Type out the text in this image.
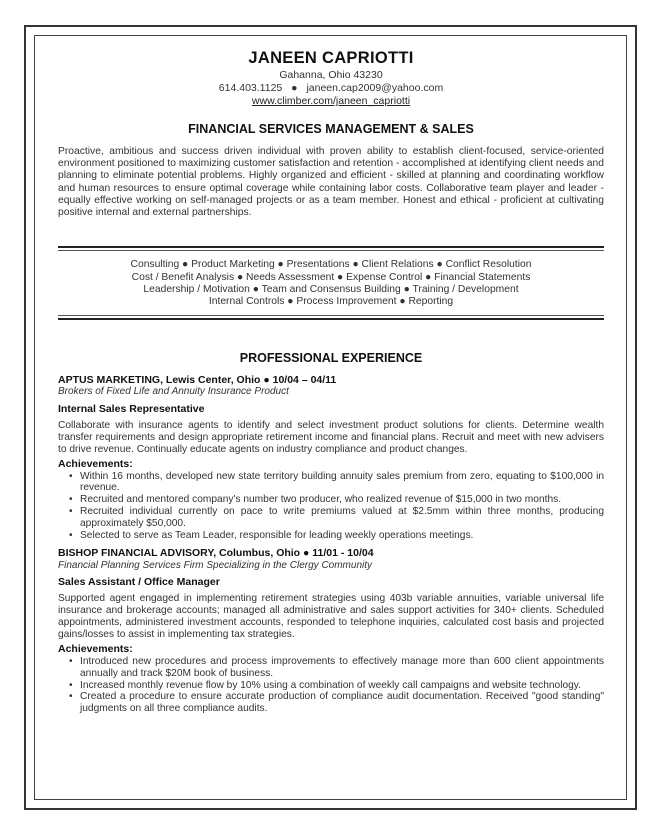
JANEEN CAPRIOTTI
Gahanna, Ohio 43230
614.403.1125 ● janeen.cap2009@yahoo.com
www.climber.com/janeen_capriotti
FINANCIAL SERVICES MANAGEMENT & SALES
Proactive, ambitious and success driven individual with proven ability to establish client-focused, service-oriented environment positioned to maximizing customer satisfaction and retention - accomplished at identifying client needs and planning to eliminate potential problems. Highly organized and efficient - skilled at planning and coordinating workflow and human resources to ensure optimal coverage while containing labor costs. Collaborative team player and leader - equally effective working on self-managed projects or as a team member. Honest and ethical - proficient at cultivating positive internal and external partnerships.
Consulting ● Product Marketing ● Presentations ● Client Relations ● Conflict Resolution
Cost / Benefit Analysis ● Needs Assessment ● Expense Control ● Financial Statements
Leadership / Motivation ● Team and Consensus Building ● Training / Development
Internal Controls ● Process Improvement ● Reporting
PROFESSIONAL EXPERIENCE
APTUS MARKETING, Lewis Center, Ohio ● 10/04 – 04/11
Brokers of Fixed Life and Annuity Insurance Product
Internal Sales Representative
Collaborate with insurance agents to identify and select investment product solutions for clients. Determine wealth transfer requirements and design appropriate retirement income and financial plans. Recruit and meet with new advisers to drive revenue. Continually educate agents on industry compliance and product changes.
Achievements:
• Within 16 months, developed new state territory building annuity sales premium from zero, equating to $100,000 in revenue.
• Recruited and mentored company's number two producer, who realized revenue of $15,000 in two months.
• Recruited individual currently on pace to write premiums valued at $2.5mm within three months, producing approximately $50,000.
• Selected to serve as Team Leader, responsible for leading weekly operations meetings.
BISHOP FINANCIAL ADVISORY, Columbus, Ohio ● 11/01 - 10/04
Financial Planning Services Firm Specializing in the Clergy Community
Sales Assistant / Office Manager
Supported agent engaged in implementing retirement strategies using 403b variable annuities, variable universal life insurance and brokerage accounts; managed all administrative and sales support activities for 340+ clients. Scheduled appointments, administered investment accounts, responded to telephone inquiries, calculated cost basis and projected gains/losses to assist in implementing tax strategies.
Achievements:
• Introduced new procedures and process improvements to effectively manage more than 600 client appointments annually and track $20M book of business.
• Increased monthly revenue flow by 10% using a combination of weekly call campaigns and website technology.
• Created a procedure to ensure accurate production of compliance audit documentation. Received "good standing" judgments on all three compliance audits.
